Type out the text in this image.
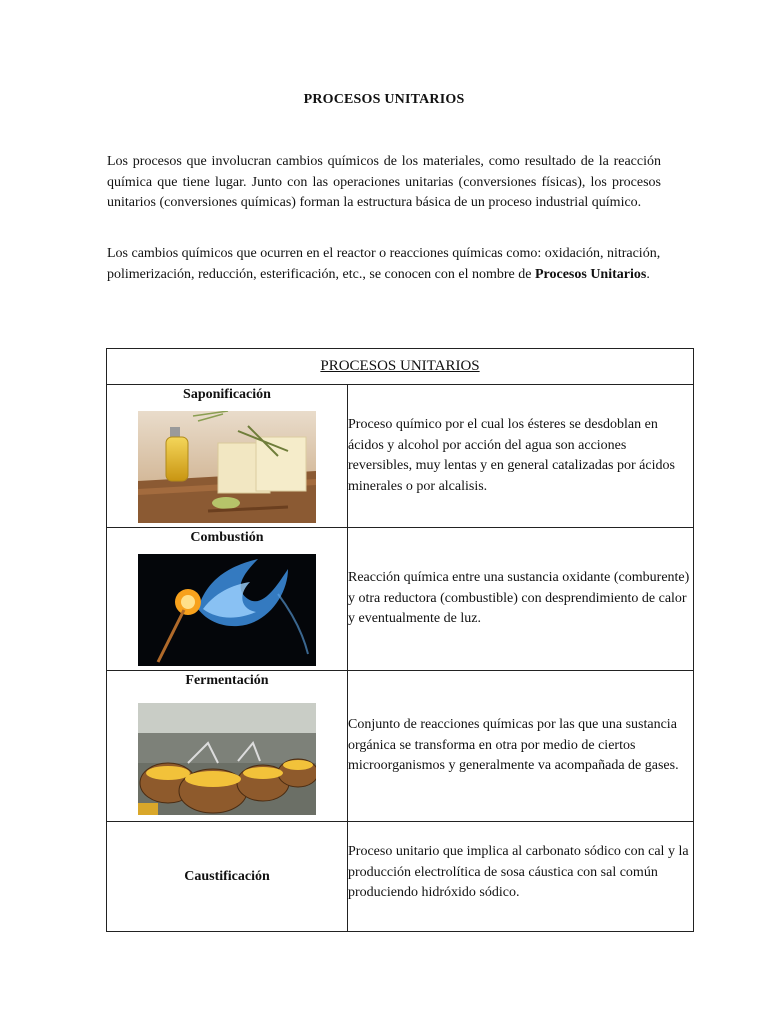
PROCESOS UNITARIOS
Los procesos que involucran cambios químicos de los materiales, como resultado de la reacción química que tiene lugar. Junto con las operaciones unitarias (conversiones físicas), los procesos unitarios (conversiones químicas) forman la estructura básica de un proceso industrial químico.
Los cambios químicos que ocurren en el reactor o reacciones químicas como: oxidación, nitración, polimerización, reducción, esterificación, etc., se conocen con el nombre de Procesos Unitarios.
PROCESOS UNITARIOS	

Saponificación	Proceso químico por el cual los ésteres se desdoblan en ácidos y alcohol por acción del agua son acciones reversibles, muy lentas y en general catalizadas por ácidos minerales o por alcalisis.

Combustión	Reacción química entre una sustancia oxidante (comburente) y otra reductora (combustible) con desprendimiento de calor y eventualmente de luz.

Fermentación	Conjunto de reacciones químicas por las que una sustancia orgánica se transforma en otra por medio de ciertos microorganismos y generalmente va acompañada de gases.

Caustificación	Proceso unitario que implica al carbonato sódico con cal y la producción electrolítica de sosa cáustica con sal común produciendo hidróxido sódico.
